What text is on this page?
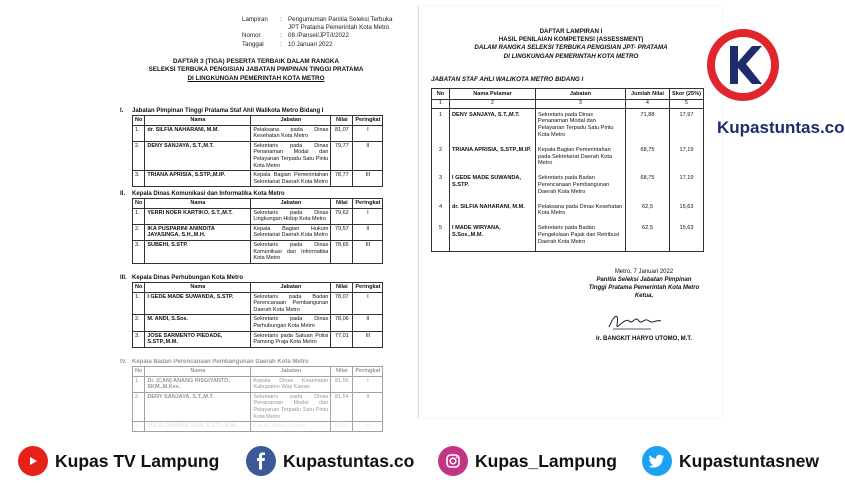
Lampiran	:	Pengumuman Panitia Seleksi Terbuka
JPT Pratama Pemerintah Kota Metro
Nomor	:	08 /Pansel/JPT/I/2022
Tanggal	:	10 Januari 2022
DAFTAR 3 (TIGA) PESERTA TERBAIK DALAM RANGKA
SELEKSI TERBUKA PENGISIAN JABATAN PIMPINAN TINGGI PRATAMA
DI LINGKUNGAN PEMERINTAH KOTA METRO
I.	Jabatan Pimpinan Tinggi Pratama Staf Ahli Walikota Metro Bidang I
No	Nama	Jabatan	Nilai	Peringkat
1.	dr. SILFIA NAHARANI, M.M.	Pelaksana pada Dinas Kesehatan Kota Metro	81,07	I
2.	DENY SANJAYA, S.T.,M.T.	Sekretaris pada Dinas Penanaman Modal dan Pelayanan Terpadu Satu Pintu Kota Metro	79,77	II
3.	TRIANA APRISIA, S.STP.,M.IP.	Kepala Bagian Pemerintahan Sekretariat Daerah Kota Metro	78,77	III
II.	Kepala Dinas Komunikasi dan Informatika Kota Metro
No	Nama	Jabatan	Nilai	Peringkat
1.	YERRI NOER KARTIKO, S.T.,M.T.	Sekretaris pada Dinas Lingkungan Hidup Kota Metro	79,62	I
2.	IKA PUSPARINI ANINDITA JAYASINGA, S.H.,M.H.	Kepala Bagian Hukum Sekretariat Daerah Kota Metro	79,57	II
3.	SUBEHI, S.STP.	Sekretaris pada Dinas Komunikasi dan Informatika Kota Metro	78,65	III
III. Kepala Dinas Perhubungan Kota Metro
No	Nama	Jabatan	Nilai	Peringkat
1.	I GEDE MADE SUWANDA, S.STP.	Sekretaris pada Badan Perencanaan Pembangunan Daerah Kota Metro	78,07	I
2.	M. ANDI, S.Sos.	Sekretaris pada Dinas Perhubungan Kota Metro	78,06	II
3.	JOSE SARMENTO PIEDADE, S.STP.,M.M.	Sekretaris pada Satuan Polisi Pamong Praja Kota Metro	77,01	III
IV. Kepala Badan Perencanaan Pembangunan Daerah Kota Metro
No	Nama	Jabatan	Nilai	Peringkat
1.	Dr. (CAN) ANANG RISGIYANTO, SKM.,M.Kes.	Kepala Dinas Kesehatan Kabupaten Way Kanan	81,56	I
2.	DENY SANJAYA, S.T.,M.T.	Sekretaris pada Dinas Penanaman Modal dan Pelayanan Terpadu Satu Pintu Kota Metro	81,54	II
3.	YULIS CANDRA SARI, S.STP.,M.M.	Camat Metro Selatan	80,00	III
DAFTAR LAMPIRAN I
HASIL PENILAIAN KOMPETENSI (ASSESSMENT)
DALAM RANGKA SELEKSI TERBUKA PENGISIAN JPT- PRATAMA
DI LINGKUNGAN PEMERINTAH KOTA METRO
JABATAN STAF AHLI WALIKOTA METRO BIDANG I
No	Nama Pelamar	Jabatan	Jumlah Nilai	Skor (25%)
1	2	3	4	5
1	DENY SANJAYA, S.T.,M.T.	Sekretaris pada Dinas Penanaman Modal dan Pelayanan Terpadu Satu Pintu Kota Metro	71,88	17,97
2	TRIANA APRISIA, S.STP.,M.IP.	Kepala Bagian Pemerintahan pada Sekretariat Daerah Kota Metro	68,75	17,19
3	I GEDE MADE SUWANDA, S.STP.	Sekretaris pada Badan Perencanaan Pembangunan Daerah Kota Metro	68,75	17,19
4	dr. SILFIA NAHARANI, M.M.	Pelaksana pada Dinas Kesehatan Kota Metro	62,5	15,63
5	I MADE WIRYANA, S.Sos.,M.M.	Sekretaris pada Badan Pengelolaan Pajak dan Retribusi Daerah Kota Metro	62,5	15,63
Metro, 7 Januari 2022
Panitia Seleksi Jabatan Pimpinan
Tinggi Pratama Pemerintah Kota Metro
Ketua,
Ir. BANGKIT HARYO UTOMO, M.T.
Kupastuntas.co
Kupas TV Lampung	Kupastuntas.co	Kupas_Lampung	Kupastuntasnew
